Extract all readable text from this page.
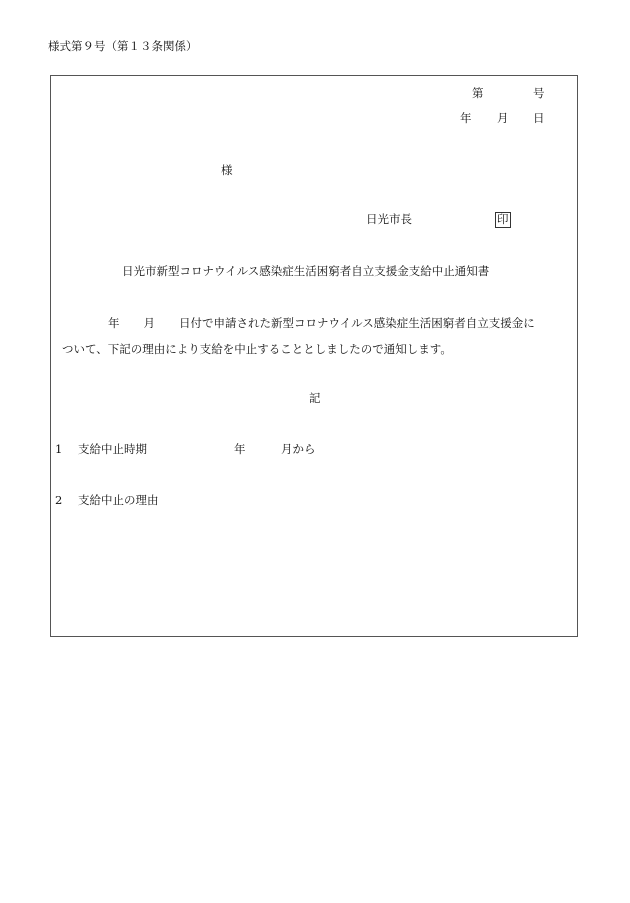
様式第９号（第１３条関係）
第	号
年 月 日
様
日光市長	印
日光市新型コロナウイルス感染症生活困窮者自立支援金支給中止通知書
年 月 日付で申請された新型コロナウイルス感染症生活困窮者自立支援金に
ついて、下記の理由により支給を中止することとしましたので通知します。
記
1 支給中止時期	年	月から
2 支給中止の理由
